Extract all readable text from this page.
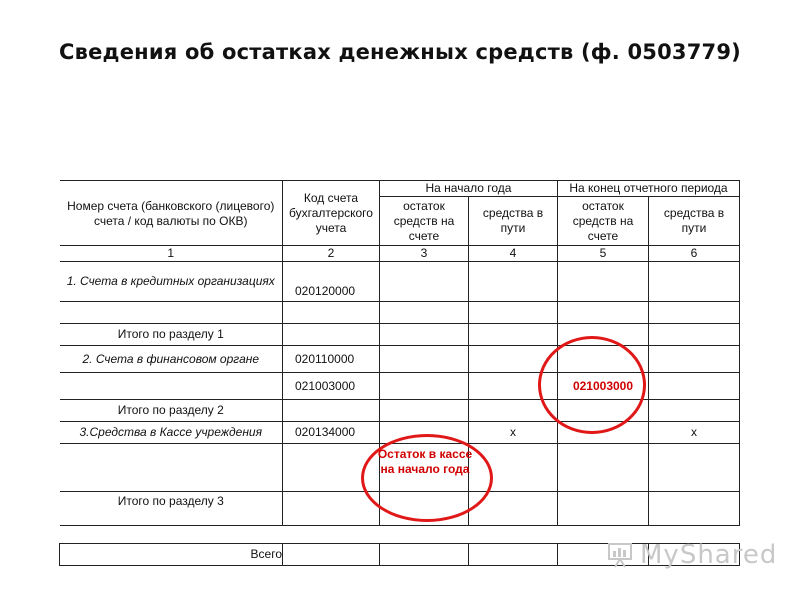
Сведения об остатках денежных средств (ф. 0503779)
Номер счета (банковского (лицевого) счета / код валюты по ОКВ)	Код счета бухгалтерского учета	На начало года		На конец отчетного периода	
		остаток средств на счете	средства в пути	остаток средств на счете	средства в пути
1	2	3	4	5	6
1. Счета в кредитных организациях	020120000				

Итого по разделу 1					
2. Счета в финансовом органе	020110000				
	021003000			021003000	
Итого по разделу 2					
3.Средства в Кассе учреждения	020134000		x		x

Итого по разделу 3					

Всего					
Остаток в кассе на начало года
MyShared
